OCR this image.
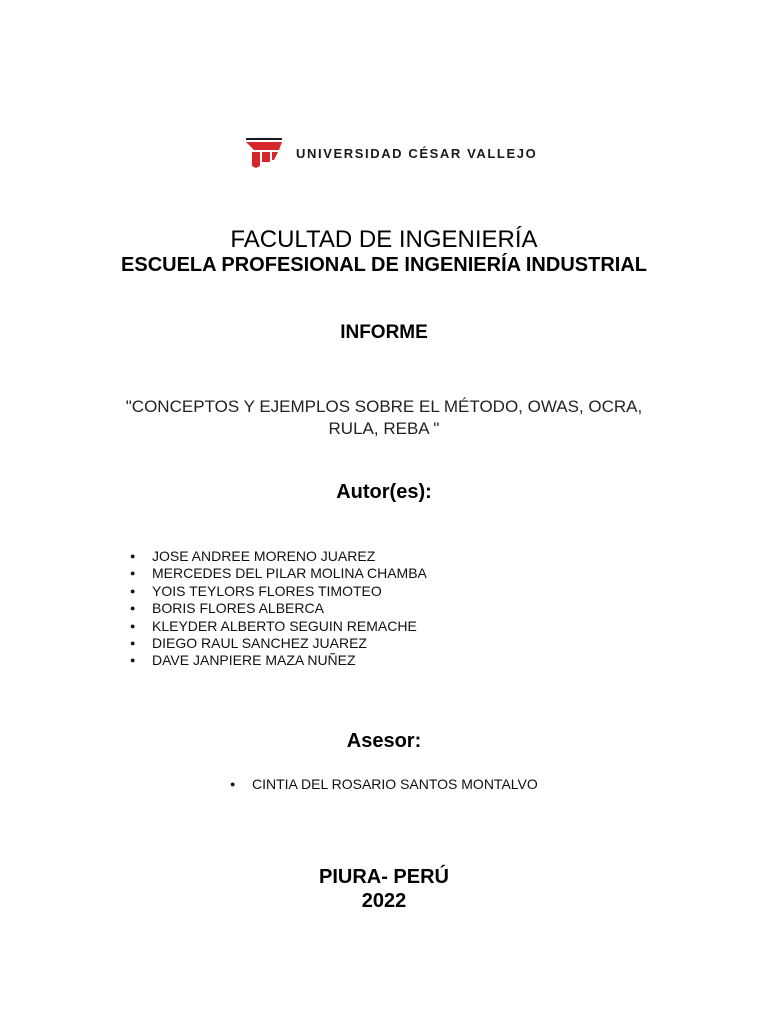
UNIVERSIDAD CÉSAR VALLEJO
FACULTAD DE INGENIERÍA
ESCUELA PROFESIONAL DE INGENIERÍA INDUSTRIAL
INFORME
"CONCEPTOS Y EJEMPLOS SOBRE EL MÉTODO, OWAS, OCRA,
RULA, REBA "
Autor(es):
● JOSE ANDREE MORENO JUAREZ
● MERCEDES DEL PILAR MOLINA CHAMBA
● YOIS TEYLORS FLORES TIMOTEO
● BORIS FLORES ALBERCA
● KLEYDER ALBERTO SEGUIN REMACHE
● DIEGO RAUL SANCHEZ JUAREZ
● DAVE JANPIERE MAZA NUÑEZ
Asesor:
● CINTIA DEL ROSARIO SANTOS MONTALVO
PIURA- PERÚ
2022
